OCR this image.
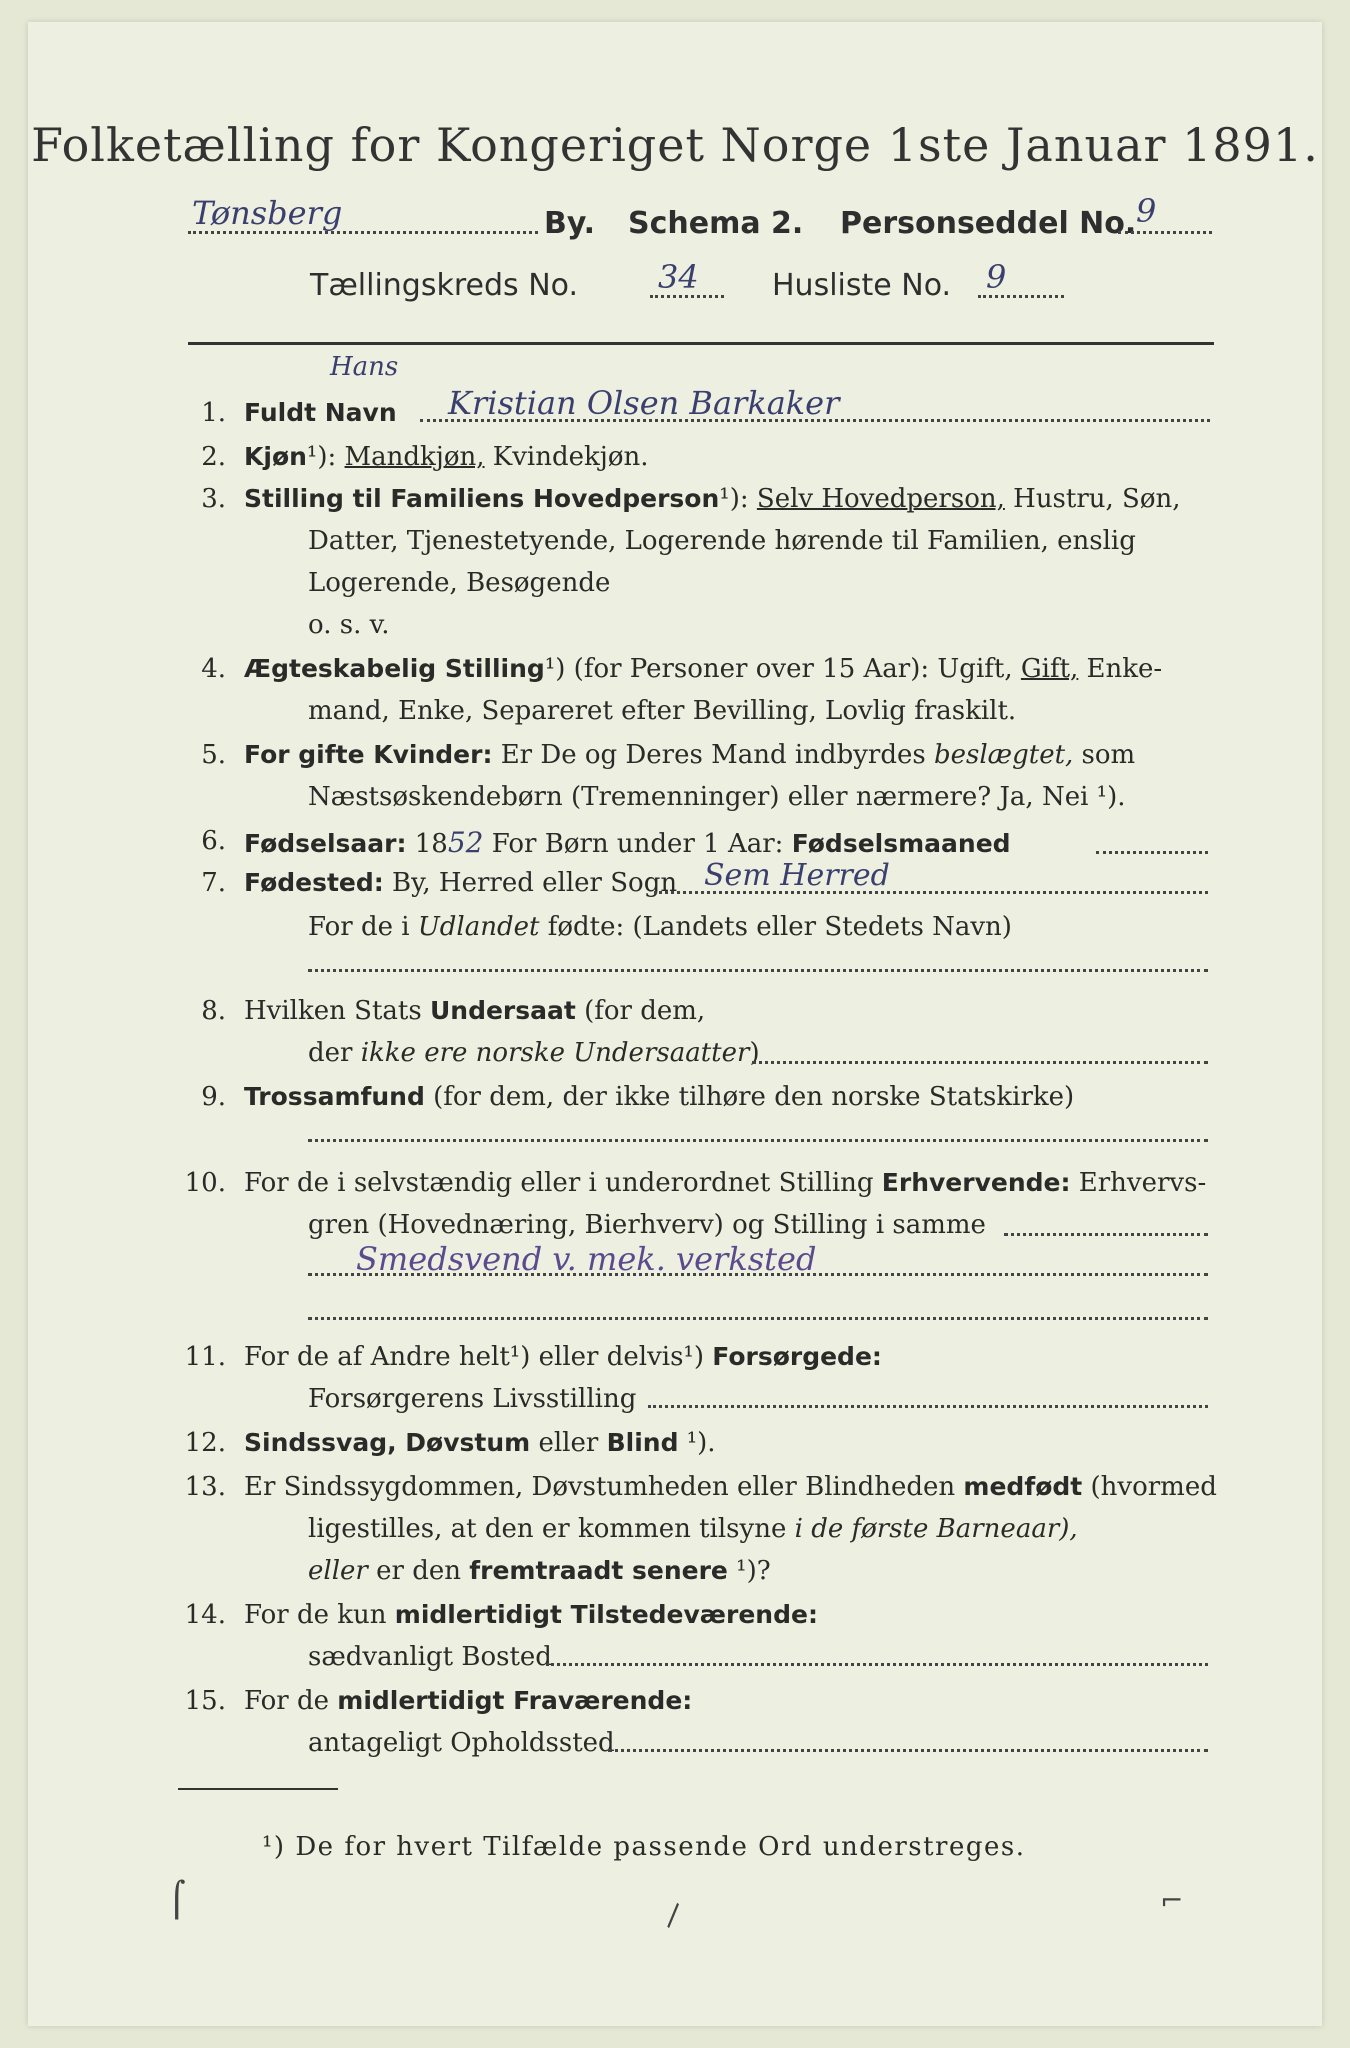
Folketælling for Kongeriget Norge 1ste Januar 1891.
Tønsberg	By. Schema 2. Personseddel No. 9
Tællingskreds No.	34 Husliste No. 9
1.
Hans
Fuldt Navn Kristian Olsen Barkaker
2. Kjøn¹): Mandkjøn, Kvindekjøn.
3. Stilling til Familiens Hovedperson¹): Selv Hovedperson, Hustru, Søn,
Datter, Tjenestetyende, Logerende hørende til Familien, enslig
Logerende, Besøgende
o. s. v.
4. Ægteskabelig Stilling¹) (for Personer over 15 Aar): Ugift, Gift, Enke-
mand, Enke, Separeret efter Bevilling, Lovlig fraskilt.
5. For gifte Kvinder: Er De og Deres Mand indbyrdes beslægtet, som
Næstsøskendebørn (Tremenninger) eller nærmere? Ja, Nei ¹).
6. Fødselsaar: 1852 For Børn under 1 Aar: Fødselsmaaned
7. Fødested: By, Herred eller Sogn Sem Herred
For de i Udlandet fødte: (Landets eller Stedets Navn)
8. Hvilken Stats Undersaat (for dem,
der ikke ere norske Undersaatter)
9. Trossamfund (for dem, der ikke tilhøre den norske Statskirke)
10. For de i selvstændig eller i underordnet Stilling Erhvervende: Erhvervs-
gren (Hovednæring, Bierhverv) og Stilling i samme
Smedsvend v. mek. verksted
11. For de af Andre helt¹) eller delvis¹) Forsørgede:
Forsørgerens Livsstilling
12. Sindssvag, Døvstum eller Blind ¹).
13. Er Sindssygdommen, Døvstumheden eller Blindheden medfødt (hvormed
ligestilles, at den er kommen tilsyne i de første Barneaar),
eller er den fremtraadt senere ¹)?
14. For de kun midlertidigt Tilstedeværende:
sædvanligt Bosted
15. For de midlertidigt Fraværende:
antageligt Opholdssted
¹) De for hvert Tilfælde passende Ord understreges.
⌠	\	⌐
